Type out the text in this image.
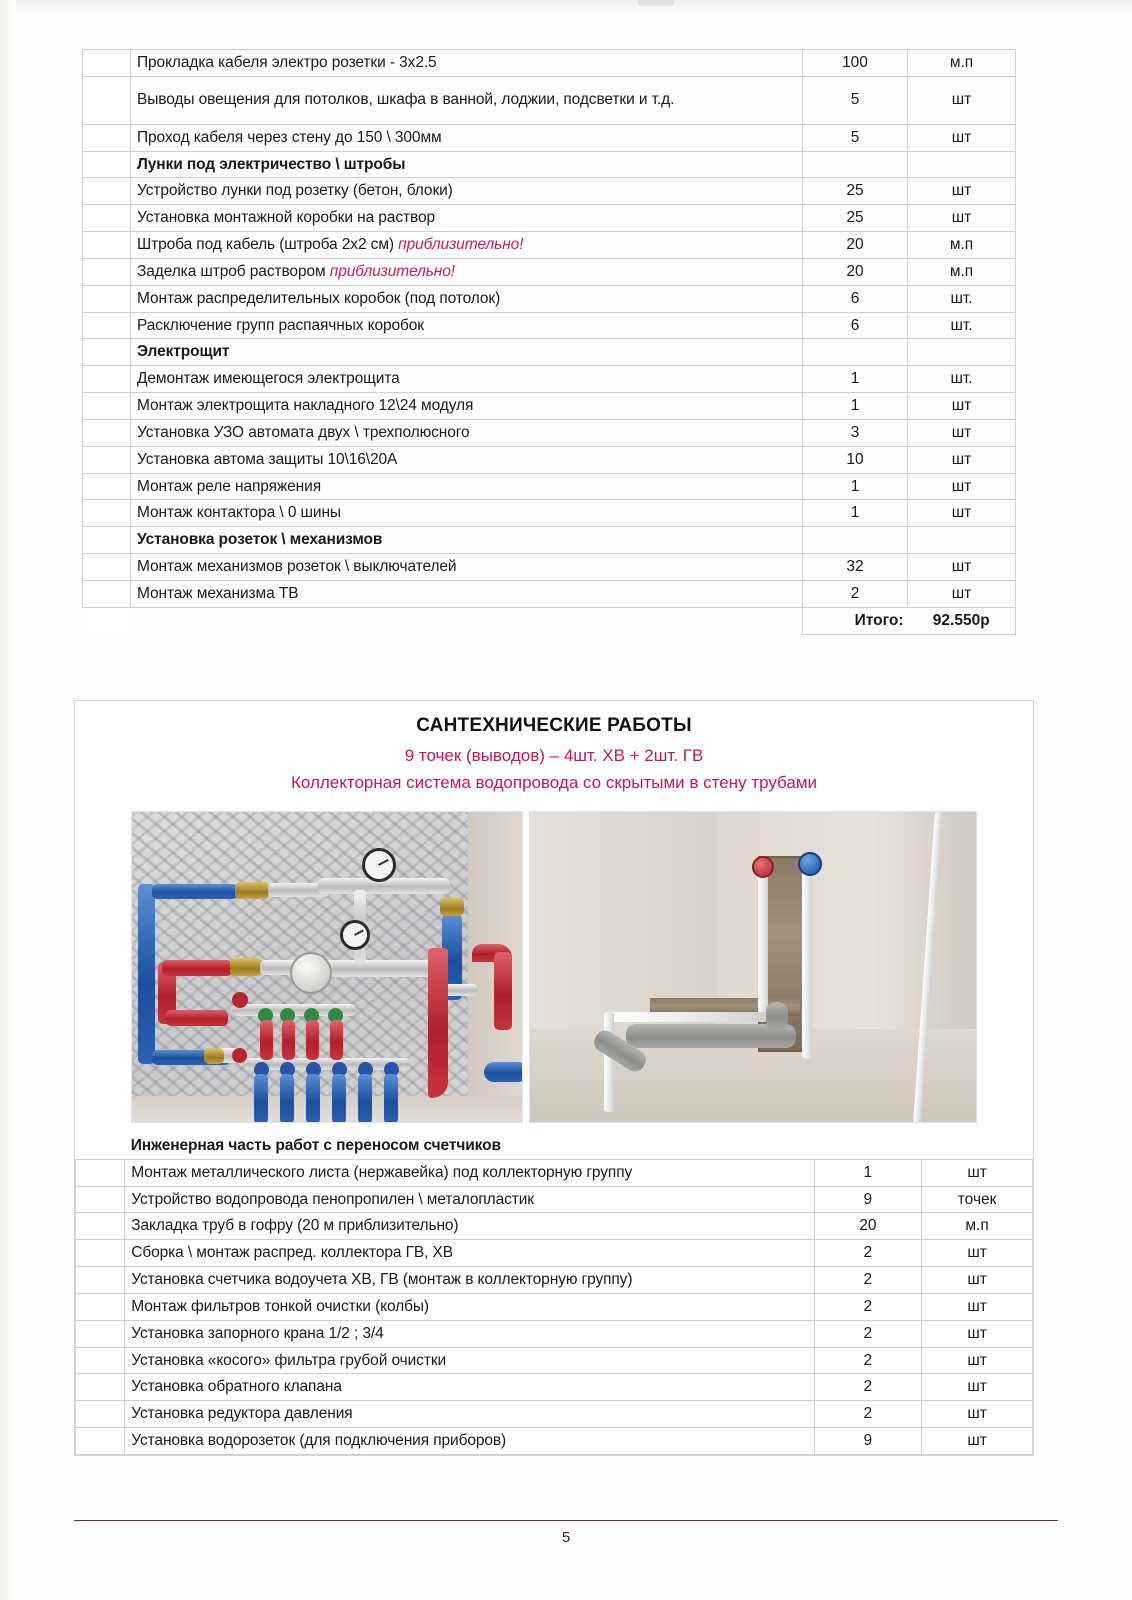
	Прокладка кабеля электро розетки - 3х2.5	100	м.п
	Выводы овещения для потолков, шкафа в ванной, лоджии, подсветки и т.д.	5	шт
	Проход кабеля через стену до 150 \ 300мм	5	шт
	Лунки под электричество \ штробы		
	Устройство лунки под розетку (бетон, блоки)	25	шт
	Установка монтажной коробки на раствор	25	шт
	Штроба под кабель (штроба 2х2 см) приблизительно!	20	м.п
	Заделка штроб раствором приблизительно!	20	м.п
	Монтаж распределительных коробок (под потолок)	6	шт.
	Расключение групп распаячных коробок	6	шт.
	Электрощит		
	Демонтаж имеющегося электрощита	1	шт.
	Монтаж электрощита накладного 12\24 модуля	1	шт
	Установка УЗО автомата двух \ трехполюсного	3	шт
	Установка автома защиты 10\16\20А	10	шт
	Монтаж реле напряжения	1	шт
	Монтаж контактора \ 0 шины	1	шт
	Установка розеток \ механизмов		
	Монтаж механизмов розеток \ выключателей	32	шт
	Монтаж механизма ТВ	2	шт
		Итого:	92.550р
САНТЕХНИЧЕСКИЕ РАБОТЫ
9 точек (выводов) – 4шт. ХВ + 2шт. ГВ
Коллекторная система водопровода со скрытыми в стену трубами
	Инженерная часть работ с переносом счетчиков		
	Монтаж металлического листа (нержавейка) под коллекторную группу	1	шт
	Устройство водопровода пенопропилен \ металопластик	9	точек
	Закладка труб в гофру (20 м приблизительно)	20	м.п
	Сборка \ монтаж распред. коллектора ГВ, ХВ	2	шт
	Установка счетчика водоучета ХВ, ГВ (монтаж в коллекторную группу)	2	шт
	Монтаж фильтров тонкой очистки (колбы)	2	шт
	Установка запорного крана 1/2 ; 3/4	2	шт
	Установка «косого» фильтра грубой очистки	2	шт
	Установка обратного клапана	2	шт
	Установка редуктора давления	2	шт
	Установка водорозеток (для подключения приборов)	9	шт
5
